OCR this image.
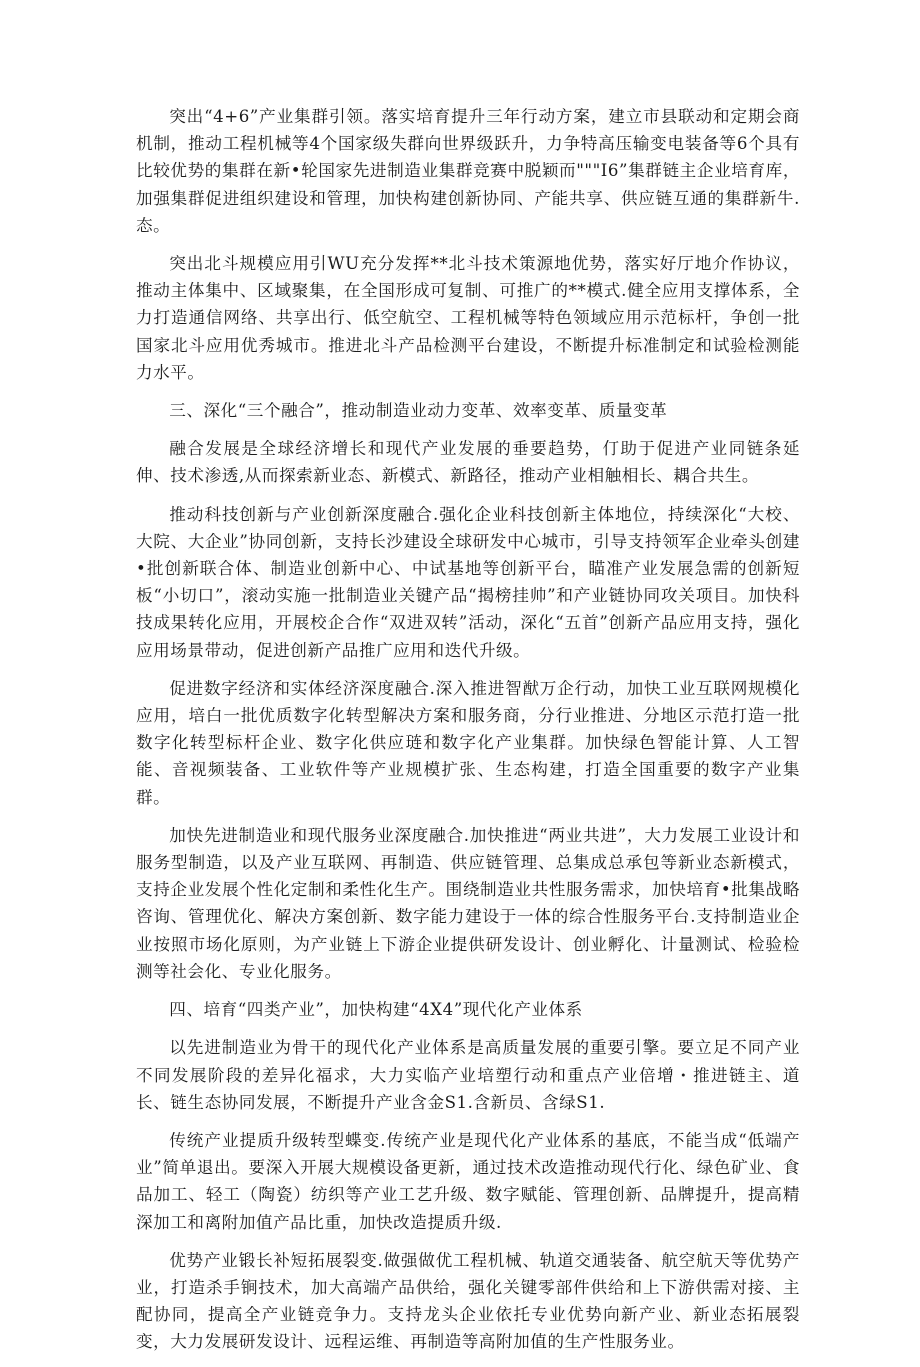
突出“4+6”产业集群引领。落实培育提升三年行动方案，建立市县联动和定期会商机制，推动工程机械等4个国家级失群向世界级跃升，力争特高压输变电装备等6个具有比较优势的集群在新•轮国家先进制造业集群竞赛中脱颖而"""I6”集群链主企业培育库，加强集群促进组织建设和管理，加快构建创新协同、产能共享、供应链互通的集群新牛.态。

突出北斗规模应用引WU充分发挥**北斗技术策源地优势，落实好厅地介作协议，推动主体集中、区域聚集，在全国形成可复制、可推广的**模式.健全应用支撑体系，全力打造通信网络、共享出行、低空航空、工程机械等特色领域应用示范标杆，争创一批国家北斗应用优秀城市。推进北斗产品检测平台建设，不断提升标准制定和试验检测能力水平。

三、深化“三个融合”，推动制造业动力变革、效率变革、质量变革

融合发展是全球经济增长和现代产业发展的垂要趋势，仃助于促进产业同链条延伸、技术渗透,从而探索新业态、新模式、新路径，推动产业相触相长、耦合共生。

推动科技创新与产业创新深度融合.强化企业科技创新主体地位，持续深化“大校、大院、大企业”协同创新，支持长沙建设全球研发中心城市，引导支持领军企业牵头创建•批创新联合体、制造业创新中心、中试基地等创新平台，瞄准产业发展急需的创新短板“小切口”，滚动实施一批制造业关键产品“揭榜挂帅”和产业链协同攻关项目。加快科技成果转化应用，开展校企合作“双进双转”活动，深化“五首”创新产品应用支持，强化应用场景带动，促进创新产品推广应用和迭代升级。

促进数字经济和实体经济深度融合.深入推进智猷万企行动，加快工业互联网规模化应用，培白一批优质数字化转型解决方案和服务商，分行业推进、分地区示范打造一批数字化转型标杆企业、数字化供应琏和数字化产业集群。加快绿色智能计算、人工智能、音视频装备、工业软件等产业规模扩张、生态构建，打造全国重要的数字产业集群。

加快先进制造业和现代服务业深度融合.加快推进“两业共进”，大力发展工业设计和服务型制造，以及产业互联网、再制造、供应链管理、总集成总承包等新业态新模式，支持企业发展个性化定制和柔性化生产。围绕制造业共性服务需求，加快培育•批集战略咨询、管理优化、解决方案创新、数字能力建设于一体的综合性服务平台.支持制造业企业按照市场化原则，为产业链上下游企业提供研发设计、创业孵化、计量测试、检验检测等社会化、专业化服务。

四、培育“四类产业”，加快构建“4X4”现代化产业体系

以先进制造业为骨干的现代化产业体系是高质量发展的重要引擎。要立足不同产业不同发展阶段的差异化福求，大力实临产业培塑行动和重点产业倍增・推进链主、道长、链生态协同发展，不断提升产业含金S1.含新员、含绿S1.

传统产业提质升级转型蝶变.传统产业是现代化产业体系的基底，不能当成“低端产业”简单退出。要深入开展大规模设备更新，通过技术改造推动现代行化、绿色矿业、食品加工、轻工（陶瓷）纺织等产业工艺升级、数字赋能、管理创新、品牌提升，提高精深加工和离附加值产品比重，加快改造提质升级.

优势产业锻长补短拓展裂变.做强做优工程机械、轨道交通装备、航空航天等优势产业，打造杀手锏技术，加大高端产品供给，强化关键零部件供给和上下游供需对接、主配协同，提高全产业链竞争力。支持龙头企业依托专业优势向新产业、新业态拓展裂变，大力发展研发设计、远程运维、再制造等高附加值的生产性服务业。
